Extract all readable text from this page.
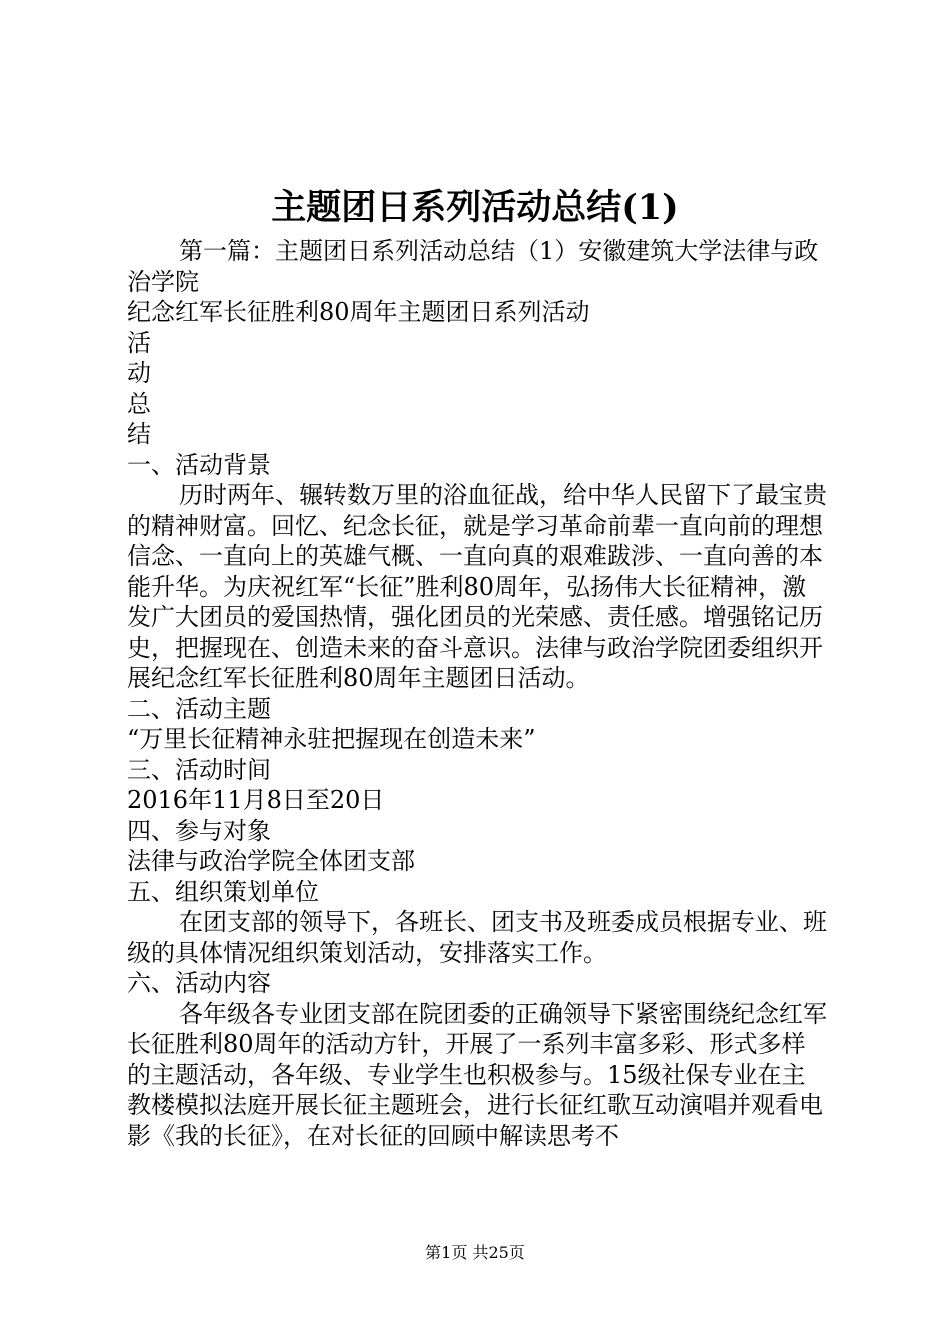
主题团日系列活动总结(1)

第一篇：主题团日系列活动总结（1）安徽建筑大学法律与政治学院

纪念红军长征胜利80周年主题团日系列活动

活

动

总

结

一、活动背景

历时两年、辗转数万里的浴血征战，给中华人民留下了最宝贵的精神财富。回忆、纪念长征，就是学习革命前辈一直向前的理想信念、一直向上的英雄气概、一直向真的艰难跋涉、一直向善的本能升华。为庆祝红军“长征”胜利80周年，弘扬伟大长征精神，激发广大团员的爱国热情，强化团员的光荣感、责任感。增强铭记历史，把握现在、创造未来的奋斗意识。法律与政治学院团委组织开展纪念红军长征胜利80周年主题团日活动。

二、活动主题

“万里长征精神永驻把握现在创造未来”

三、活动时间

2016年11月8日至20日

四、参与对象

法律与政治学院全体团支部

五、组织策划单位

在团支部的领导下，各班长、团支书及班委成员根据专业、班级的具体情况组织策划活动，安排落实工作。

六、活动内容

各年级各专业团支部在院团委的正确领导下紧密围绕纪念红军长征胜利80周年的活动方针，开展了一系列丰富多彩、形式多样的主题活动，各年级、专业学生也积极参与。15级社保专业在主教楼模拟法庭开展长征主题班会，进行长征红歌互动演唱并观看电影《我的长征》，在对长征的回顾中解读思考不

第1页 共25页
